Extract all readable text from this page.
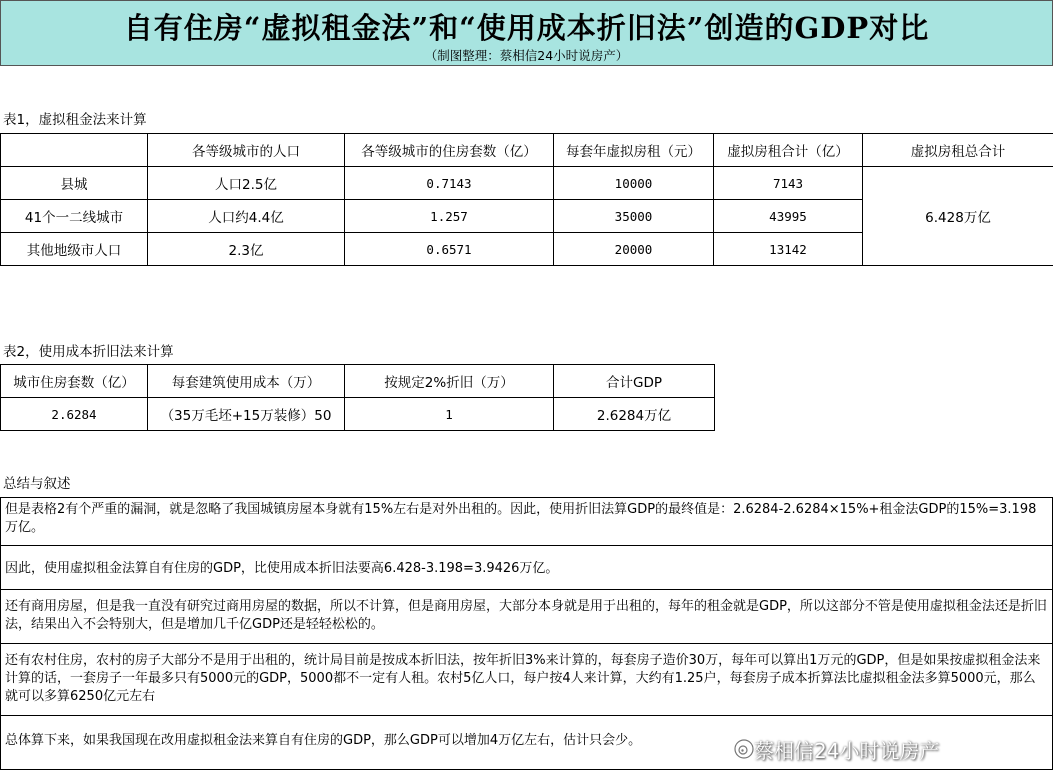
自有住房“虚拟租金法”和“使用成本折旧法”创造的GDP对比
（制图整理：蔡相信24小时说房产）
表1，虚拟租金法来计算
	各等级城市的人口	各等级城市的住房套数（亿）	每套年虚拟房租（元）	虚拟房租合计（亿）	虚拟房租总合计
县城	人口2.5亿	0.7143	10000	7143	6.428万亿
41个一二线城市	人口约4.4亿	1.257	35000	43995	
其他地级市人口	2.3亿	0.6571	20000	13142	
表2，使用成本折旧法来计算
城市住房套数（亿）	每套建筑使用成本（万）	按规定2%折旧（万）	合计GDP
2.6284	（35万毛坯+15万装修）50	1	2.6284万亿
总结与叙述
但是表格2有个严重的漏洞，就是忽略了我国城镇房屋本身就有15%左右是对外出租的。因此，使用折旧法算GDP的最终值是：2.6284-2.6284×15%+租金法GDP的15%=3.198万亿。
因此，使用虚拟租金法算自有住房的GDP，比使用成本折旧法要高6.428-3.198=3.9426万亿。
还有商用房屋，但是我一直没有研究过商用房屋的数据，所以不计算，但是商用房屋，大部分本身就是用于出租的，每年的租金就是GDP，所以这部分不管是使用虚拟租金法还是折旧法，结果出入不会特别大，但是增加几千亿GDP还是轻轻松松的。
还有农村住房，农村的房子大部分不是用于出租的，统计局目前是按成本折旧法，按年折旧3%来计算的，每套房子造价30万，每年可以算出1万元的GDP，但是如果按虚拟租金法来计算的话，一套房子一年最多只有5000元的GDP，5000都不一定有人租。农村5亿人口，每户按4人来计算，大约有1.25户，每套房子成本折算法比虚拟租金法多算5000元，那么就可以多算6250亿元左右
总体算下来，如果我国现在改用虚拟租金法来算自有住房的GDP，那么GDP可以增加4万亿左右，估计只会少。	蔡相信24小时说房产
